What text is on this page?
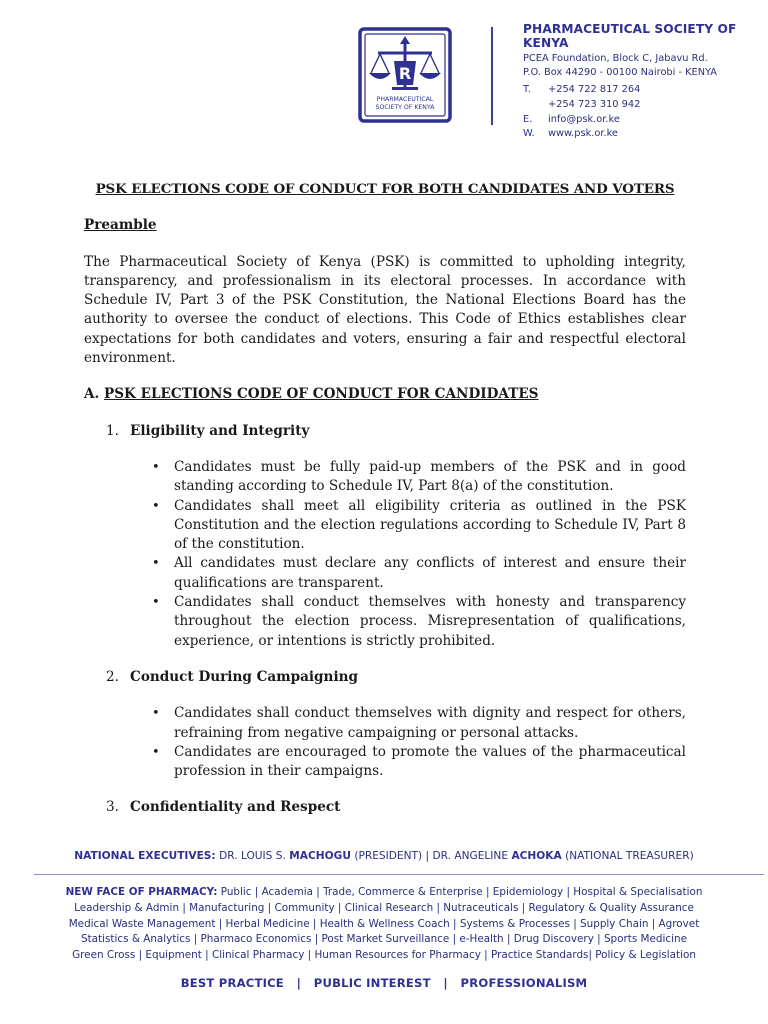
R
PHARMACEUTICAL
SOCIETY OF KENYA
PHARMACEUTICAL SOCIETY OF KENYA
PCEA Foundation, Block C, Jabavu Rd.
P.O. Box 44290 - 00100 Nairobi - KENYA
T.	+254 722 817 264
+254 723 310 942
E.	info@psk.or.ke
W.	www.psk.or.ke
PSK ELECTIONS CODE OF CONDUCT FOR BOTH CANDIDATES AND VOTERS
Preamble

The Pharmaceutical Society of Kenya (PSK) is committed to upholding integrity, transparency, and professionalism in its electoral processes. In accordance with Schedule IV, Part 3 of the PSK Constitution, the National Elections Board has the authority to oversee the conduct of elections. This Code of Ethics establishes clear expectations for both candidates and voters, ensuring a fair and respectful electoral environment.

A. PSK ELECTIONS CODE OF CONDUCT FOR CANDIDATES
1. Eligibility and Integrity
• Candidates must be fully paid-up members of the PSK and in good standing according to Schedule IV, Part 8(a) of the constitution.
• Candidates shall meet all eligibility criteria as outlined in the PSK Constitution and the election regulations according to Schedule IV, Part 8 of the constitution.
• All candidates must declare any conflicts of interest and ensure their qualifications are transparent.
• Candidates shall conduct themselves with honesty and transparency throughout the election process. Misrepresentation of qualifications, experience, or intentions is strictly prohibited.
2. Conduct During Campaigning
• Candidates shall conduct themselves with dignity and respect for others, refraining from negative campaigning or personal attacks.
• Candidates are encouraged to promote the values of the pharmaceutical profession in their campaigns.
3. Confidentiality and Respect
NATIONAL EXECUTIVES: DR. LOUIS S. MACHOGU (PRESIDENT) | DR. ANGELINE ACHOKA (NATIONAL TREASURER)
NEW FACE OF PHARMACY: Public | Academia | Trade, Commerce & Enterprise | Epidemiology | Hospital & Specialisation
Leadership & Admin | Manufacturing | Community | Clinical Research | Nutraceuticals | Regulatory & Quality Assurance
Medical Waste Management | Herbal Medicine | Health & Wellness Coach | Systems & Processes | Supply Chain | Agrovet
Statistics & Analytics | Pharmaco Economics | Post Market Surveillance | e-Health | Drug Discovery | Sports Medicine
Green Cross | Equipment | Clinical Pharmacy | Human Resources for Pharmacy | Practice Standards| Policy & Legislation
BEST PRACTICE   |   PUBLIC INTEREST   |   PROFESSIONALISM
